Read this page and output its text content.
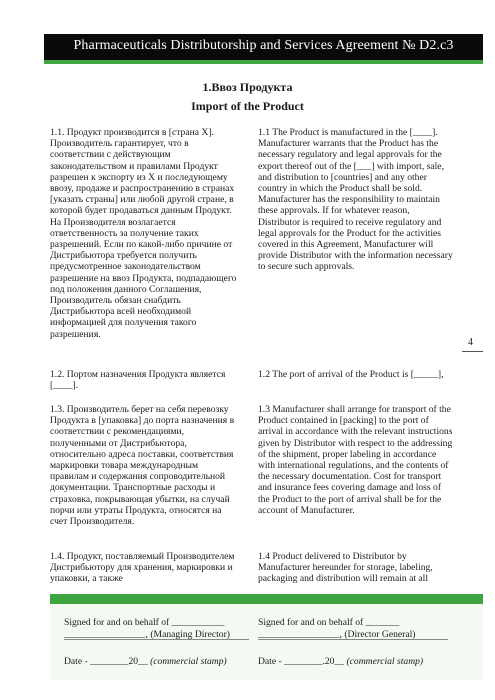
Pharmaceuticals Distributorship and Services Agreement № D2.c3
1.Ввоз Продукта
Import of the Product

1.1. Продукт производится в [страна X]. Производитель гарантирует, что в соответствии с действующим законодательством и правилами Продукт разрешен к экспорту из X и последующему ввозу, продаже и распространению в странах [указать страны] или любой другой стране, в которой будет продаваться данным Продукт. На Производителя возлагается ответственность за получение таких разрешений. Если по какой-либо причине от Дистрибьютора требуется получить предусмотренное законодательством разрешение на ввоз Продукта, подпадающего под положения данного Соглашения, Производитель обязан снабдить Дистрибьютора всей необходимой информацией для получения такого разрешения.

1.2. Портом назначения Продукта является [____].

1.3. Производитель берет на себя перевозку Продукта в [упаковка] до порта назначения в соответствии с рекомендациями, полученными от Дистрибьютора, относительно адреса поставки, соответствия маркировки товара международным правилам и содержания сопроводительной документации. Транспортные расходы и страховка, покрывающая убытки, на случай порчи или утраты Продукта, относятся на счет Производителя.

1.4. Продукт, поставляемый Производителем Дистрибьютору для хранения, маркировки и упаковки, а также

1.1 The Product is manufactured in the [____]. Manufacturer warrants that the Product has the necessary regulatory and legal approvals for the export thereof out of the [___] with import, sale, and distribution to [countries] and any other country in which the Product shall be sold. Manufacturer has the responsibility to maintain these approvals. If for whatever reason, Distributor is required to receive regulatory and legal approvals for the Product for the activities covered in this Agreement, Manufacturer will provide Distributor with the information necessary to secure such approvals.

1.2 The port of arrival of the Product is [_____],

1.3 Manufacturer shall arrange for transport of the Product contained in [packing] to the port of arrival in accordance with the relevant instructions given by Distributor with respect to the addressing of the shipment, proper labeling in accordance with international regulations, and the contents of the necessary documentation. Cost for transport and insurance fees covering damage and loss of the Product to the port of arrival shall be for the account of Manufacturer.

1.4 Product delivered to Distributor by Manufacturer hereunder for storage, labeling, packaging and distribution will remain at all

4
Signed for and on behalf of ___________
_________________, (Managing Director)
Date - ________20__ (commercial stamp)
Signed for and on behalf of _______
_________________, (Director General)
Date - ________.20__ (commercial stamp)
